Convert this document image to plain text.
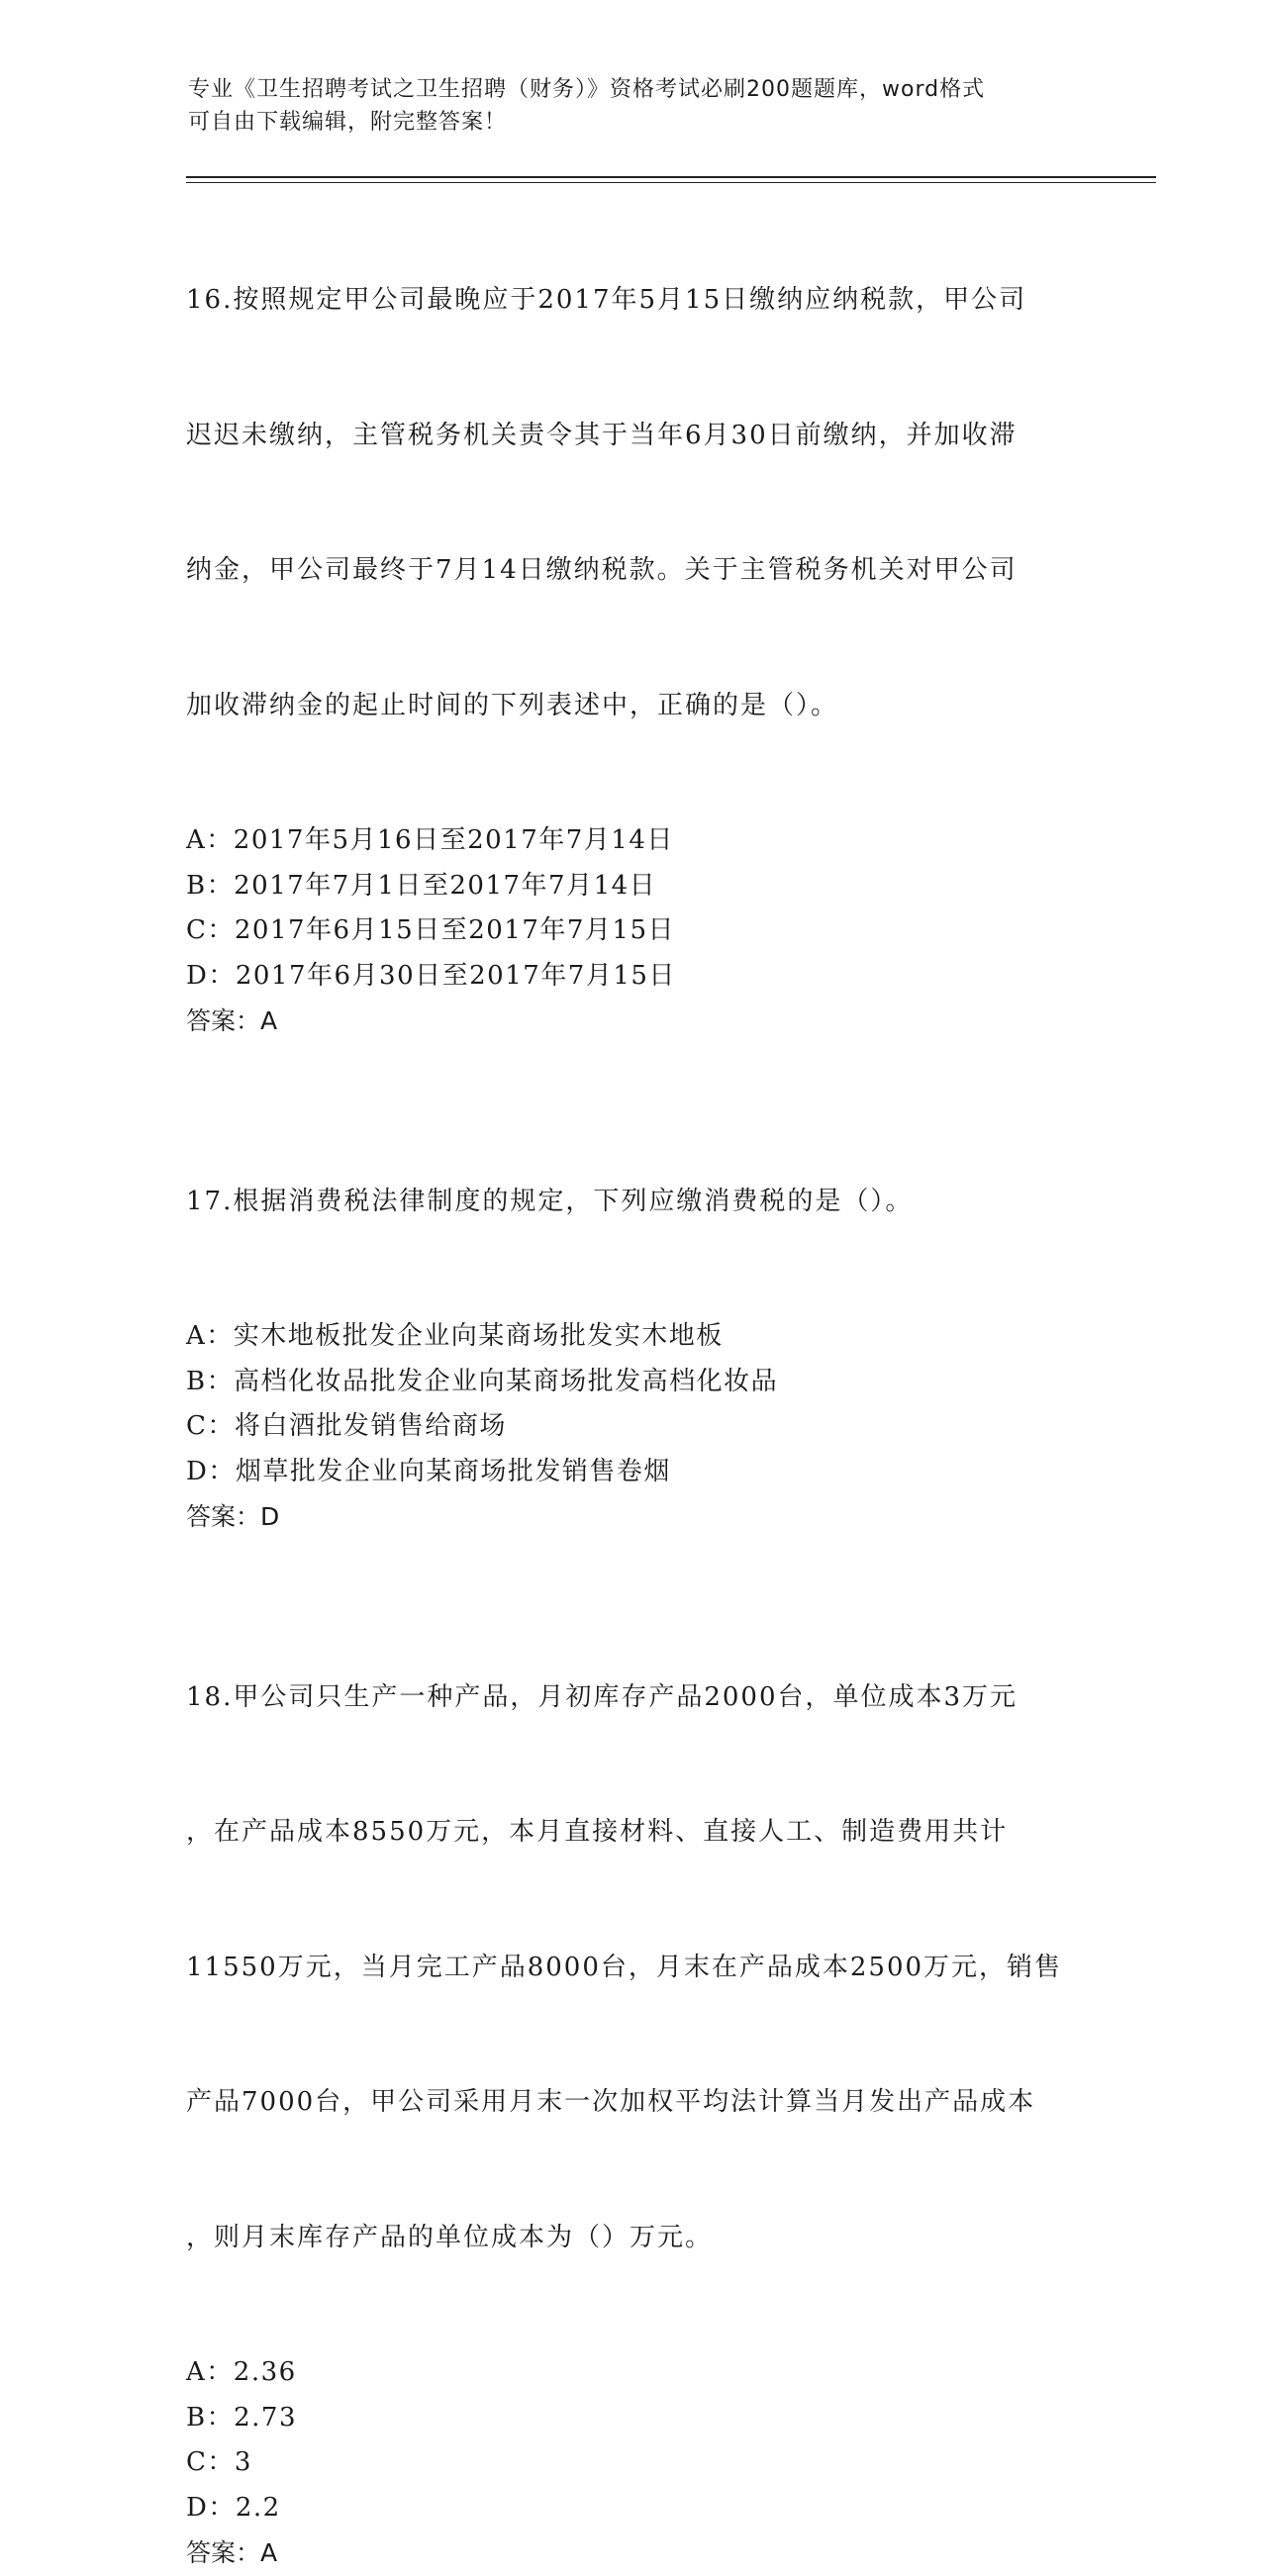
专业《卫生招聘考试之卫生招聘（财务）》资格考试必刷200题题库，word格式
可自由下载编辑，附完整答案！

16.按照规定甲公司最晚应于2017年5月15日缴纳应纳税款，甲公司

迟迟未缴纳，主管税务机关责令其于当年6月30日前缴纳，并加收滞

纳金，甲公司最终于7月14日缴纳税款。关于主管税务机关对甲公司

加收滞纳金的起止时间的下列表述中，正确的是（）。

A：2017年5月16日至2017年7月14日
B：2017年7月1日至2017年7月14日
C：2017年6月15日至2017年7月15日
D：2017年6月30日至2017年7月15日
答案：A

17.根据消费税法律制度的规定，下列应缴消费税的是（）。

A：实木地板批发企业向某商场批发实木地板
B：高档化妆品批发企业向某商场批发高档化妆品
C：将白酒批发销售给商场
D：烟草批发企业向某商场批发销售卷烟
答案：D

18.甲公司只生产一种产品，月初库存产品2000台，单位成本3万元

，在产品成本8550万元，本月直接材料、直接人工、制造费用共计

11550万元，当月完工产品8000台，月末在产品成本2500万元，销售

产品7000台，甲公司采用月末一次加权平均法计算当月发出产品成本

，则月末库存产品的单位成本为（）万元。

A：2.36
B：2.73
C：3
D：2.2
答案：A
